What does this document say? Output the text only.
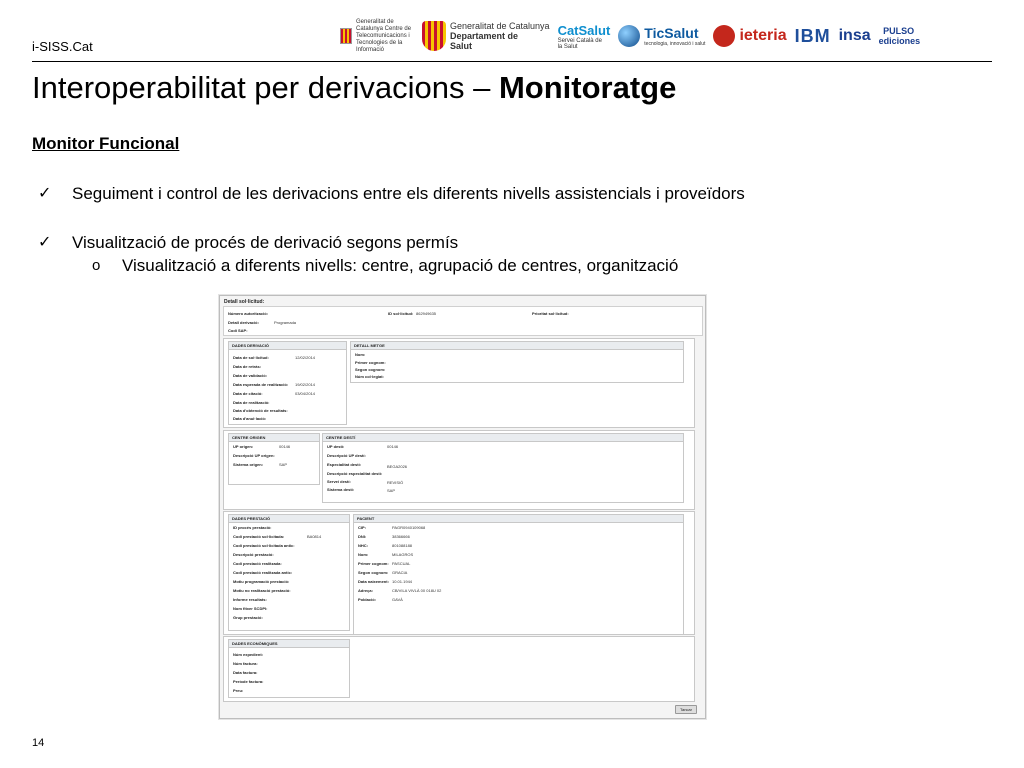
i-SISS.Cat
Generalitat de Catalunya Centre de Telecomunicacions i Tecnologies de la Informació
Generalitat de Catalunya
Departament de Salut
CatSalut
Servei Català de la Salut
TicSalut
tecnologia, innovació i salut ieteria IBM insa	PULSO ediciones
Interoperabilitat per derivacions – Monitoratge
Monitor Funcional
✓ Seguiment i control de les derivacions entre els diferents nivells assistencials i proveïdors
✓ Visualització de procés de derivació segons permís
o Visualització a diferents nivells: centre, agrupació de centres, organització
Detall sol·licitud:
Número autorització:
Detall derivació:	Programada
Codi SAP:
ID sol·licitud: 862949635	Prioritat sol·licitud:
DADES DERIVACIÓ
Data de sol·licitud:	12/02/2014
Data de retràs:
Data de validació:
Data esperada de realització: 19/02/2014
Data de citació:	03/04/2014
Data de realització:
Data d'obtenció de resultats:
Data d'anul·lació:
DETALL METGE
Nom:
Primer cognom:
Segon cognom:
Núm col·legiat:
CENTRE ORIGEN
UP origen:	00146
Descripció UP origen:
Sistema origen:	SAP
CENTRE DESTÍ
UP destí:	00146
Descripció UP destí:
Especialitat destí:	BEGA2026
Descripció especialitat destí:
Servei destí:	REVISIÓ
Sistema destí:	SAP
DADES PRESTACIÓ
ID procés prestació:
Codi prestació sol·licitada:	BA0814
Codi prestació sol·licitada antic:
Descripció prestació:
Codi prestació realitzada:
Codi prestació realitzada antic:
Motiu programació prestació:
Motiu no realització prestació:
Informe resultats:
Nom fitxer SCDPI:
Grup prestació:
PACIENT
CIP:	PAGR0940109068
DNI:	38366666
NHC:	801088188
Nom:	MILAGROS
Primer cognom: PASCUAL
Segon cognom: GRACIA
Data naixement: 10.01.1944
Adreça:	CB/VILA VIVLÀ 00 018U 02
Població:	GAVÀ
DADES ECONÒMIQUES
Núm expedient:
Núm factura:
Data factura:
Període factura:
Preu:
Tancar
14
